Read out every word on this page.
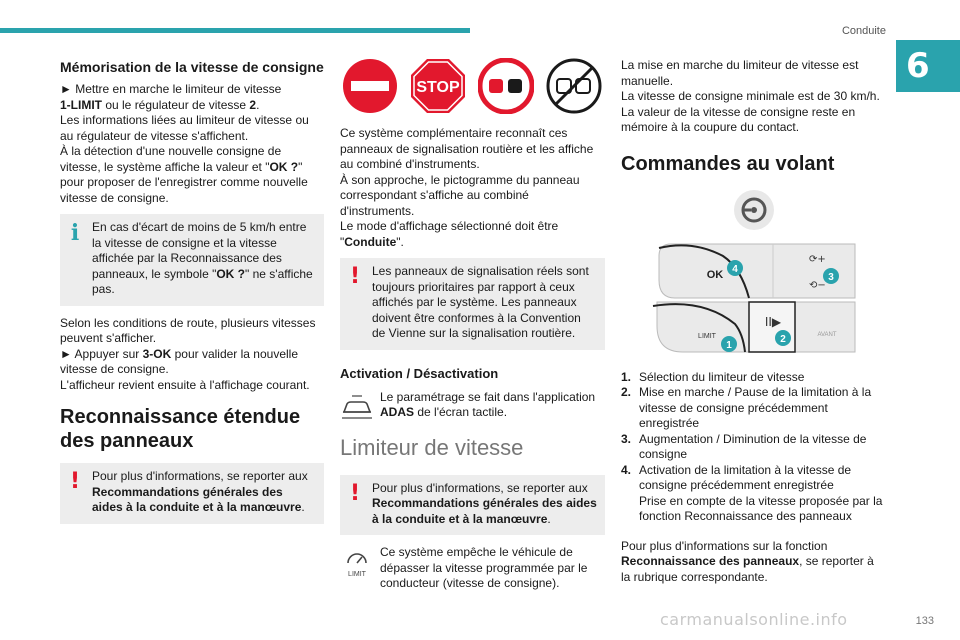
Conduite
6

Mémorisation de la vitesse de consigne

► Mettre en marche le limiteur de vitesse
1-LIMIT ou le régulateur de vitesse 2.
Les informations liées au limiteur de vitesse ou au régulateur de vitesse s'affichent.
À la détection d'une nouvelle consigne de vitesse, le système affiche la valeur et "OK ?" pour proposer de l'enregistrer comme nouvelle vitesse de consigne.

i	En cas d'écart de moins de 5 km/h entre la vitesse de consigne et la vitesse affichée par la Reconnaissance des panneaux, le symbole "OK ?" ne s'affiche pas.

Selon les conditions de route, plusieurs vitesses peuvent s'afficher.
► Appuyer sur 3-OK pour valider la nouvelle vitesse de consigne.
L'afficheur revient ensuite à l'affichage courant.

Reconnaissance étendue des panneaux

! Pour plus d'informations, se reporter aux Recommandations générales des aides à la conduite et à la manœuvre.

STOP

Ce système complémentaire reconnaît ces panneaux de signalisation routière et les affiche au combiné d'instruments.
À son approche, le pictogramme du panneau correspondant s'affiche au combiné d'instruments.
Le mode d'affichage sélectionné doit être "Conduite".

! Les panneaux de signalisation réels sont toujours prioritaires par rapport à ceux affichés par le système. Les panneaux doivent être conformes à la Convention de Vienne sur la signalisation routière.

Activation / Désactivation

Le paramétrage se fait dans l'application ADAS de l'écran tactile.

Limiteur de vitesse

! Pour plus d'informations, se reporter aux Recommandations générales des aides à la conduite et à la manœuvre.

LIMIT

Ce système empêche le véhicule de dépasser la vitesse programmée par le conducteur (vitesse de consigne).

La mise en marche du limiteur de vitesse est manuelle.
La vitesse de consigne minimale est de 30 km/h.
La valeur de la vitesse de consigne reste en mémoire à la coupure du contact.

Commandes au volant

OK
⟳+
⟲−
II▶
LIMIT	AVANT
4
3
2
1

1. Sélection du limiteur de vitesse

2. Mise en marche / Pause de la limitation à la vitesse de consigne précédemment enregistrée

3. Augmentation / Diminution de la vitesse de consigne

4. Activation de la limitation à la vitesse de consigne précédemment enregistrée

Prise en compte de la vitesse proposée par la fonction Reconnaissance des panneaux

Pour plus d'informations sur la fonction Reconnaissance des panneaux, se reporter à la rubrique correspondante.

carmanualsonline.info	133
